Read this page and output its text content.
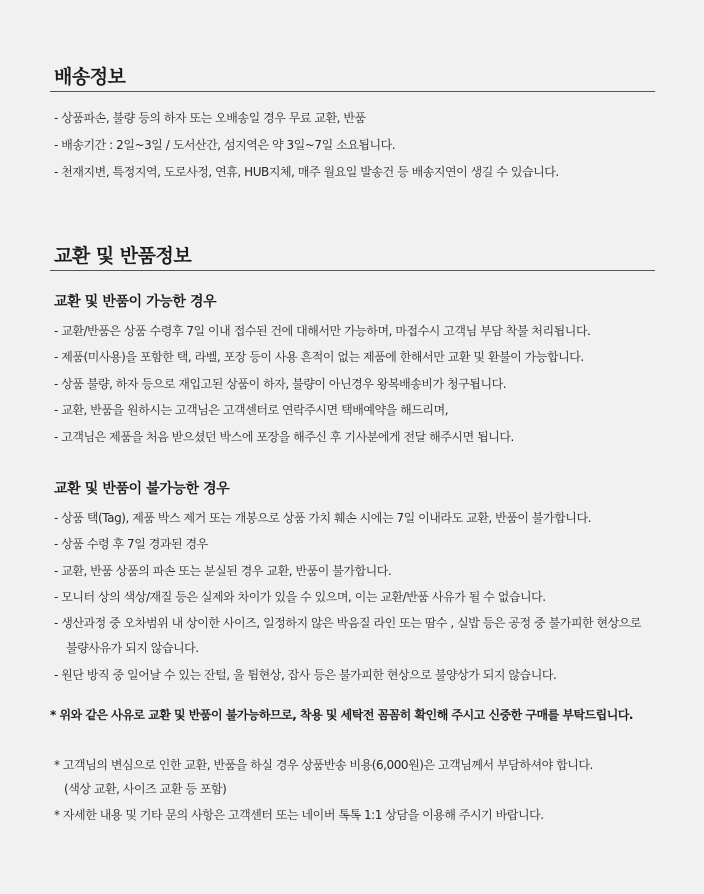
배송정보
- 상품파손, 불량 등의 하자 또는 오배송일 경우 무료 교환, 반품
- 배송기간 : 2일~3일 / 도서산간, 섬지역은 약 3일~7일 소요됩니다.
- 천재지변, 특정지역, 도로사정, 연휴, HUB지체, 매주 월요일 발송건 등 배송지연이 생길 수 있습니다.
교환 및 반품정보
교환 및 반품이 가능한 경우
- 교환/반품은 상품 수령후 7일 이내 접수된 건에 대해서만 가능하며, 마접수시 고객님 부담 착불 처리됩니다.
- 제품(미사용)을 포함한 택, 라벨, 포장 등이 사용 흔적이 없는 제품에 한해서만 교환 및 환불이 가능합니다.
- 상품 불량, 하자 등으로 재입고된 상품이 하자, 불량이 아닌경우 왕복배송비가 청구됩니다.
- 교환, 반품을 원하시는 고객님은 고객센터로 연락주시면 택배예약을 해드리며,
- 고객님은 제품을 처음 받으셨던 박스에 포장을 해주신 후 기사분에게 전달 해주시면 됩니다.
교환 및 반품이 불가능한 경우
- 상품 택(Tag), 제품 박스 제거 또는 개봉으로 상품 가치 훼손 시에는 7일 이내라도 교환, 반품이 불가합니다.
- 상품 수령 후 7일 경과된 경우
- 교환, 반품 상품의 파손 또는 분실된 경우 교환, 반품이 불가합니다.
- 모니터 상의 색상/재질 등은 실제와 차이가 있을 수 있으며, 이는 교환/반품 사유가 될 수 없습니다.
- 생산과정 중 오차범위 내 상이한 사이즈, 일정하지 않은 박음질 라인 또는 땀수 , 실밥 등은 공정 중 불가피한 현상으로
불량사유가 되지 않습니다.
- 원단 방직 중 일어날 수 있는 잔털, 울 튐현상, 잡사 등은 불가피한 현상으로 불양상가 되지 않습니다.
* 위와 같은 사유로 교환 및 반품이 불가능하므로, 착용 및 세탁전 꼼꼼히 확인해 주시고 신중한 구매를 부탁드립니다.
* 고객님의 변심으로 인한 교환, 반품을 하실 경우 상품반송 비용(6,000원)은 고객님께서 부담하셔야 합니다.
(색상 교환, 사이즈 교환 등 포함)
* 자세한 내용 및 기타 문의 사항은 고객센터 또는 네이버 톡톡 1:1 상담을 이용해 주시기 바랍니다.
